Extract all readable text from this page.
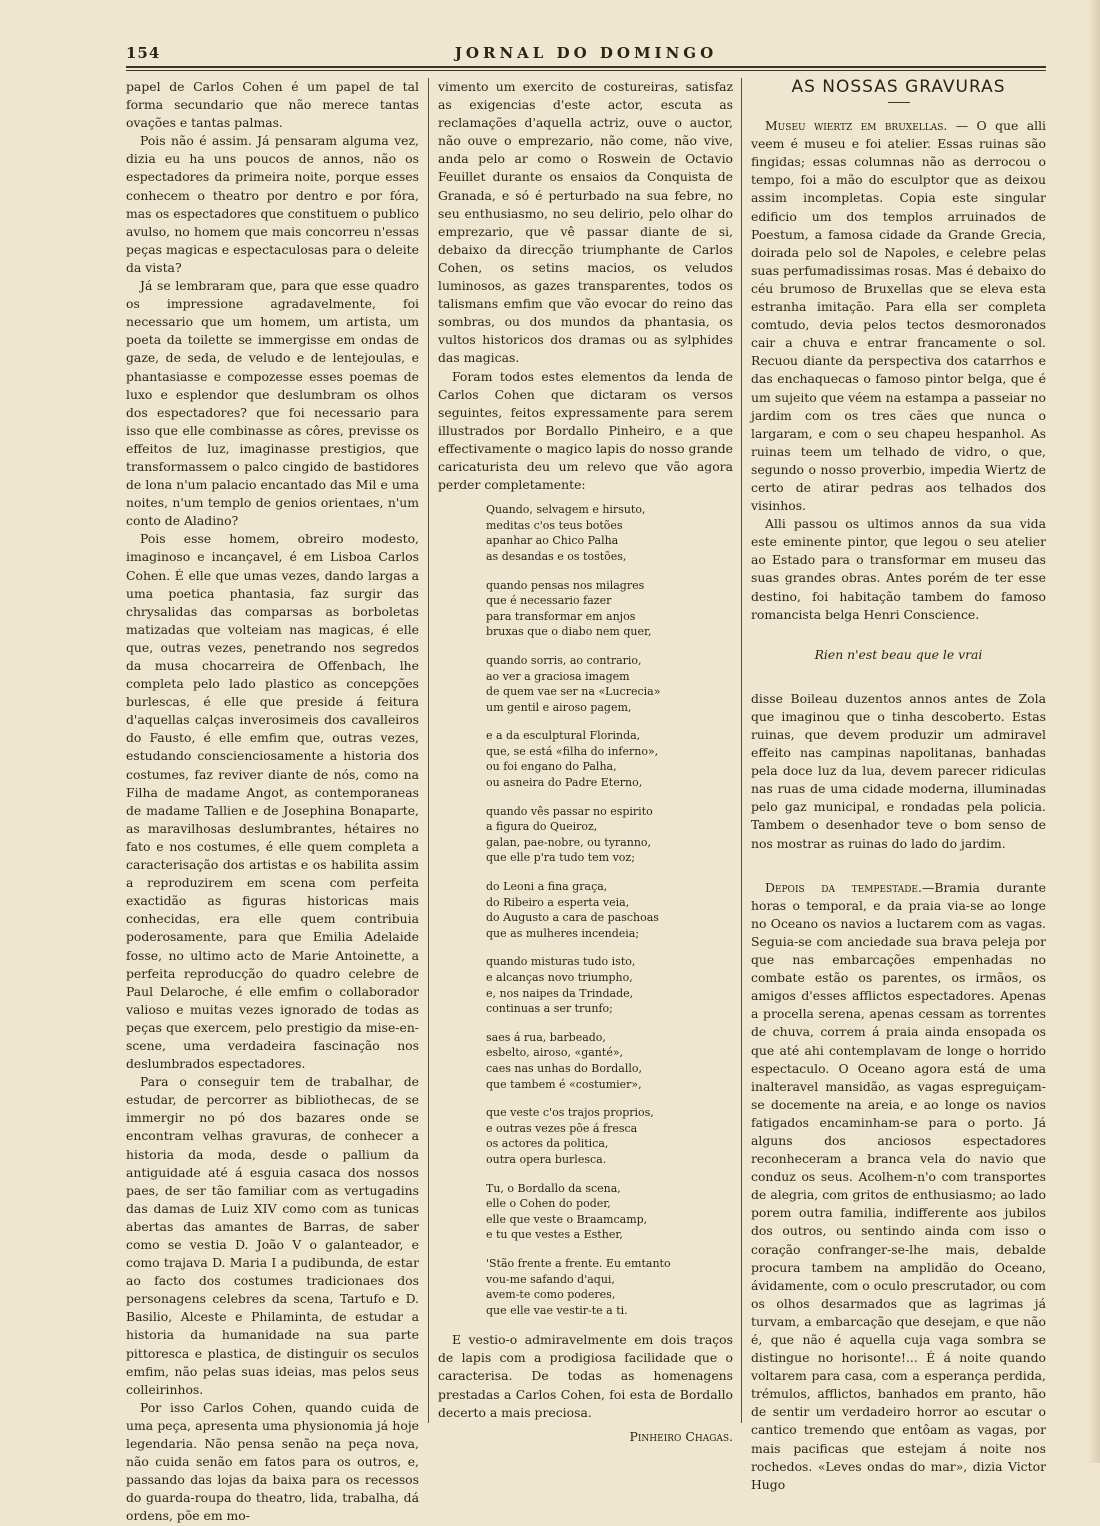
154	JORNAL DO DOMINGO

papel de Carlos Cohen é um papel de tal forma secundario que não merece tantas ovações e tantas palmas.

Pois não é assim. Já pensaram alguma vez, dizia eu ha uns poucos de annos, não os espectadores da primeira noite, porque esses conhecem o theatro por dentro e por fóra, mas os espectadores que constituem o publico avulso, no homem que mais concorreu n'essas peças magicas e espectaculosas para o deleite da vista?

Já se lembraram que, para que esse quadro os impressione agradavelmente, foi necessario que um homem, um artista, um poeta da toilette se immergisse em ondas de gaze, de seda, de veludo e de lentejoulas, e phantasiasse e compozesse esses poemas de luxo e esplendor que deslumbram os olhos dos espectadores? que foi necessario para isso que elle combinasse as côres, previsse os effeitos de luz, imaginasse prestigios, que transformassem o palco cingido de bastidores de lona n'um palacio encantado das Mil e uma noites, n'um templo de genios orientaes, n'um conto de Aladino?

Pois esse homem, obreiro modesto, imaginoso e incançavel, é em Lisboa Carlos Cohen. É elle que umas vezes, dando largas a uma poetica phantasia, faz surgir das chrysalidas das comparsas as borboletas matizadas que volteiam nas magicas, é elle que, outras vezes, penetrando nos segredos da musa chocarreira de Offenbach, lhe completa pelo lado plastico as concepções burlescas, é elle que preside á feitura d'aquellas calças inverosimeis dos cavalleiros do Fausto, é elle emfim que, outras vezes, estudando conscienciosamente a historia dos costumes, faz reviver diante de nós, como na Filha de madame Angot, as contemporaneas de madame Tallien e de Josephina Bonaparte, as maravilhosas deslumbrantes, hétaires no fato e nos costumes, é elle quem completa a caracterisação dos artistas e os habilita assim a reproduzirem em scena com perfeita exactidão as figuras historicas mais conhecidas, era elle quem contribuia poderosamente, para que Emilia Adelaide fosse, no ultimo acto de Marie Antoinette, a perfeita reproducção do quadro celebre de Paul Delaroche, é elle emfim o collaborador valioso e muitas vezes ignorado de todas as peças que exercem, pelo prestigio da mise-en-scene, uma verdadeira fascinação nos deslumbrados espectadores.

Para o conseguir tem de trabalhar, de estudar, de percorrer as bibliothecas, de se immergir no pó dos bazares onde se encontram velhas gravuras, de conhecer a historia da moda, desde o pallium da antiguidade até á esguia casaca dos nossos paes, de ser tão familiar com as vertugadins das damas de Luiz XIV como com as tunicas abertas das amantes de Barras, de saber como se vestia D. João V o galanteador, e como trajava D. Maria I a pudibunda, de estar ao facto dos costumes tradicionaes dos personagens celebres da scena, Tartufo e D. Basilio, Alceste e Philaminta, de estudar a historia da humanidade na sua parte pittoresca e plastica, de distinguir os seculos emfim, não pelas suas ideias, mas pelos seus colleirinhos.

Por isso Carlos Cohen, quando cuida de uma peça, apresenta uma physionomia já hoje legendaria. Não pensa senão na peça nova, não cuida senão em fatos para os outros, e, passando das lojas da baixa para os recessos do guarda-roupa do theatro, lida, trabalha, dá ordens, põe em mo-

vimento um exercito de costureiras, satisfaz as exigencias d'este actor, escuta as reclamações d'aquella actriz, ouve o auctor, não ouve o emprezario, não come, não vive, anda pelo ar como o Roswein de Octavio Feuillet durante os ensaios da Conquista de Granada, e só é perturbado na sua febre, no seu enthusiasmo, no seu delirio, pelo olhar do emprezario, que vê passar diante de si, debaixo da direcção triumphante de Carlos Cohen, os setins macios, os veludos luminosos, as gazes transparentes, todos os talismans emfim que vão evocar do reino das sombras, ou dos mundos da phantasia, os vultos historicos dos dramas ou as sylphides das magicas.

Foram todos estes elementos da lenda de Carlos Cohen que dictaram os versos seguintes, feitos expressamente para serem illustrados por Bordallo Pinheiro, e a que effectivamente o magico lapis do nosso grande caricaturista deu um relevo que vão agora perder completamente:

Quando, selvagem e hirsuto,
meditas c'os teus botões
apanhar ao Chico Palha
as desandas e os tostões,
quando pensas nos milagres
que é necessario fazer
para transformar em anjos
bruxas que o diabo nem quer,
quando sorris, ao contrario,
ao ver a graciosa imagem
de quem vae ser na «Lucrecia»
um gentil e airoso pagem,
e a da esculptural Florinda,
que, se está «filha do inferno»,
ou foi engano do Palha,
ou asneira do Padre Eterno,
quando vês passar no espirito
a figura do Queiroz,
galan, pae-nobre, ou tyranno,
que elle p'ra tudo tem voz;
do Leoni a fina graça,
do Ribeiro a esperta veia,
do Augusto a cara de paschoas
que as mulheres incendeia;
quando misturas tudo isto,
e alcanças novo triumpho,
e, nos naipes da Trindade,
continuas a ser trunfo;
saes á rua, barbeado,
esbelto, airoso, «ganté»,
caes nas unhas do Bordallo,
que tambem é «costumier»,
que veste c'os trajos proprios,
e outras vezes põe á fresca
os actores da politica,
outra opera burlesca.
Tu, o Bordallo da scena,
elle o Cohen do poder,
elle que veste o Braamcamp,
e tu que vestes a Esther,
'Stão frente a frente. Eu emtanto
vou-me safando d'aqui,
avem-te como poderes,
que elle vae vestir-te a ti.

E vestio-o admiravelmente em dois traços de lapis com a prodigiosa facilidade que o caracterisa. De todas as homenagens prestadas a Carlos Cohen, foi esta de Bordallo decerto a mais preciosa.

Pinheiro Chagas.
AS NOSSAS GRAVURAS

Museu wiertz em bruxellas. — O que alli veem é museu e foi atelier. Essas ruinas são fingidas; essas columnas não as derrocou o tempo, foi a mão do esculptor que as deixou assim incompletas. Copia este singular edificio um dos templos arruinados de Poestum, a famosa cidade da Grande Grecia, doirada pelo sol de Napoles, e celebre pelas suas perfumadissimas rosas. Mas é debaixo do céu brumoso de Bruxellas que se eleva esta estranha imitação. Para ella ser completa comtudo, devia pelos tectos desmoronados cair a chuva e entrar francamente o sol. Recuou diante da perspectiva dos catarrhos e das enchaquecas o famoso pintor belga, que é um sujeito que véem na estampa a passeiar no jardim com os tres cães que nunca o largaram, e com o seu chapeu hespanhol. As ruinas teem um telhado de vidro, o que, segundo o nosso proverbio, impedia Wiertz de certo de atirar pedras aos telhados dos visinhos.

Alli passou os ultimos annos da sua vida este eminente pintor, que legou o seu atelier ao Estado para o transformar em museu das suas grandes obras. Antes porém de ter esse destino, foi habitação tambem do famoso romancista belga Henri Conscience.

Rien n'est beau que le vrai

disse Boileau duzentos annos antes de Zola que imaginou que o tinha descoberto. Estas ruinas, que devem produzir um admiravel effeito nas campinas napolitanas, banhadas pela doce luz da lua, devem parecer ridiculas nas ruas de uma cidade moderna, illuminadas pelo gaz municipal, e rondadas pela policia. Tambem o desenhador teve o bom senso de nos mostrar as ruinas do lado do jardim.

Depois da tempestade.—Bramia durante horas o temporal, e da praia via-se ao longe no Oceano os navios a luctarem com as vagas. Seguia-se com anciedade sua brava peleja por que nas embarcações empenhadas no combate estão os parentes, os irmãos, os amigos d'esses afflictos espectadores. Apenas a procella serena, apenas cessam as torrentes de chuva, correm á praia ainda ensopada os que até ahi contemplavam de longe o horrido espectaculo. O Oceano agora está de uma inalteravel mansidão, as vagas espreguiçam-se docemente na areia, e ao longe os navios fatigados encaminham-se para o porto. Já alguns dos anciosos espectadores reconheceram a branca vela do navio que conduz os seus. Acolhem-n'o com transportes de alegria, com gritos de enthusiasmo; ao lado porem outra familia, indifferente aos jubilos dos outros, ou sentindo ainda com isso o coração confranger-se-lhe mais, debalde procura tambem na amplidão do Oceano, ávidamente, com o oculo prescrutador, ou com os olhos desarmados que as lagrimas já turvam, a embarcação que desejam, e que não é, que não é aquella cuja vaga sombra se distingue no horisonte!... É á noite quando voltarem para casa, com a esperança perdida, trémulos, afflictos, banhados em pranto, hão de sentir um verdadeiro horror ao escutar o cantico tremendo que entôam as vagas, por mais pacificas que estejam á noite nos rochedos. «Leves ondas do mar», dizia Victor Hugo
